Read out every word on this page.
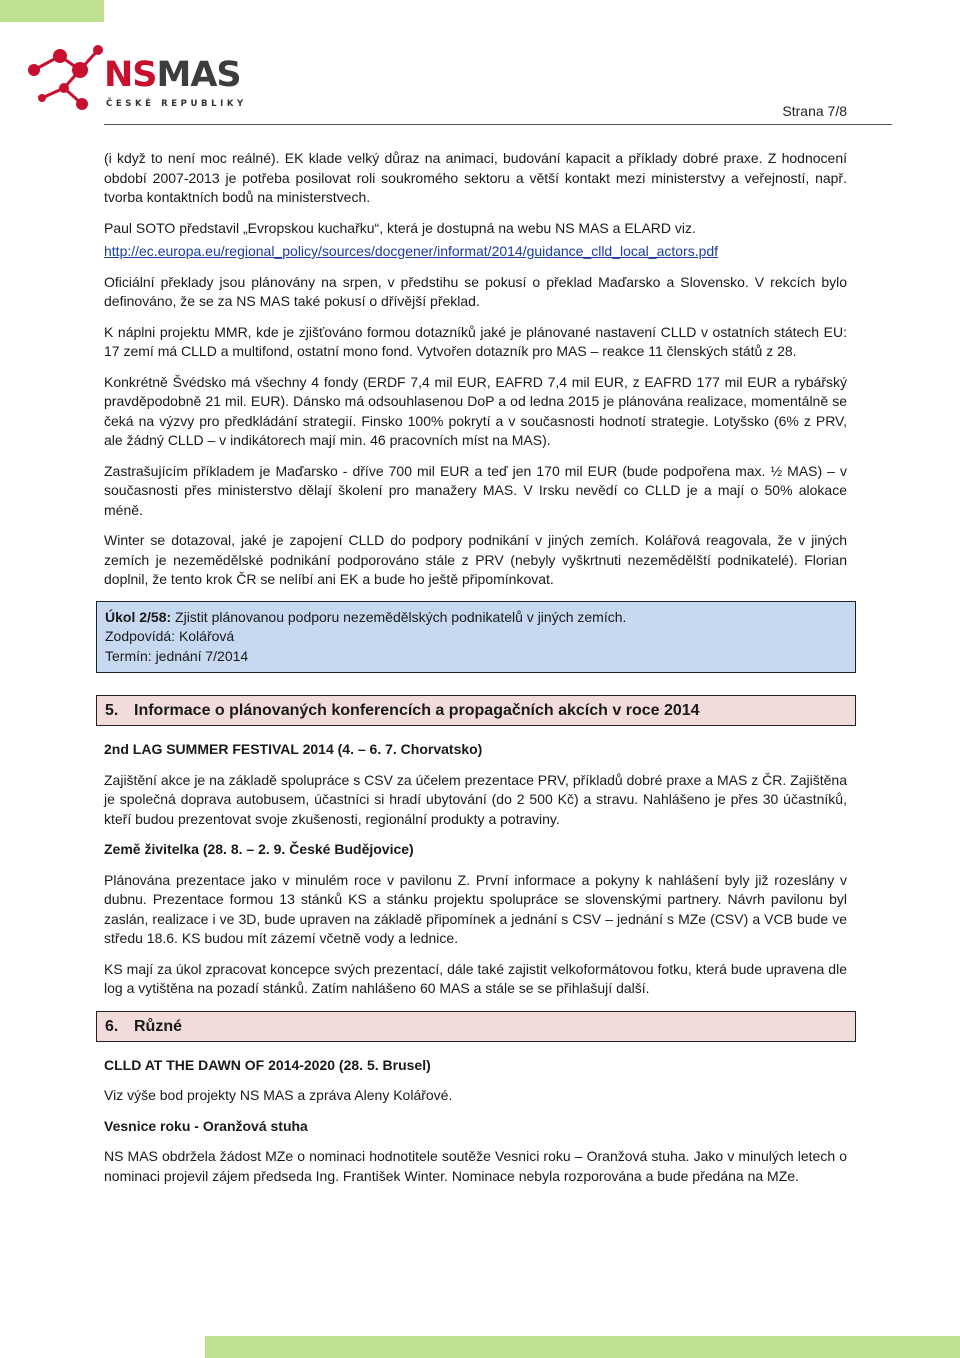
NSMAS
ČESKÉ REPUBLIKY	Strana 7/8

(i když to není moc reálné). EK klade velký důraz na animaci, budování kapacit a příklady dobré praxe. Z hodnocení období 2007-2013 je potřeba posilovat roli soukromého sektoru a větší kontakt mezi ministerstvy a veřejností, např. tvorba kontaktních bodů na ministerstvech.

Paul SOTO představil „Evropskou kuchařku“, která je dostupná na webu NS MAS a ELARD viz.

http://ec.europa.eu/regional_policy/sources/docgener/informat/2014/guidance_clld_local_actors.pdf

Oficiální překlady jsou plánovány na srpen, v předstihu se pokusí o překlad Maďarsko a Slovensko. V rekcích bylo definováno, že se za NS MAS také pokusí o dřívější překlad.

K náplni projektu MMR, kde je zjišťováno formou dotazníků jaké je plánované nastavení CLLD v ostatních státech EU: 17 zemí má CLLD a multifond, ostatní mono fond. Vytvořen dotazník pro MAS – reakce 11 členských států z 28.

Konkrétně Švédsko má všechny 4 fondy (ERDF 7,4 mil EUR, EAFRD 7,4 mil EUR, z EAFRD 177 mil EUR a rybářský pravděpodobně 21 mil. EUR). Dánsko má odsouhlasenou DoP a od ledna 2015 je plánována realizace, momentálně se čeká na výzvy pro předkládání strategií. Finsko 100% pokrytí a v současnosti hodnotí strategie. Lotyšsko (6% z PRV, ale žádný CLLD – v indikátorech mají min. 46 pracovních míst na MAS).

Zastrašujícím příkladem je Maďarsko - dříve 700 mil EUR a teď jen 170 mil EUR (bude podpořena max. ½ MAS) – v současnosti přes ministerstvo dělají školení pro manažery MAS. V Irsku nevědí co CLLD je a mají o 50% alokace méně.

Winter se dotazoval, jaké je zapojení CLLD do podpory podnikání v jiných zemích. Kolářová reagovala, že v jiných zemích je nezemědělské podnikání podporováno stále z PRV (nebyly vyškrtnuti nezemědělští podnikatelé). Florian doplnil, že tento krok ČR se nelíbí ani EK a bude ho ještě připomínkovat.

Úkol 2/58: Zjistit plánovanou podporu nezemědělských podnikatelů v jiných zemích.
Zodpovídá: Kolářová
Termín: jednání 7/2014
5. Informace o plánovaných konferencích a propagačních akcích v roce 2014
2nd LAG SUMMER FESTIVAL 2014 (4. – 6. 7. Chorvatsko)

Zajištění akce je na základě spolupráce s CSV za účelem prezentace PRV, příkladů dobré praxe a MAS z ČR. Zajištěna je společná doprava autobusem, účastníci si hradí ubytování (do 2 500 Kč) a stravu. Nahlášeno je přes 30 účastníků, kteří budou prezentovat svoje zkušenosti, regionální produkty a potraviny.

Země živitelka (28. 8. – 2. 9. České Budějovice)

Plánována prezentace jako v minulém roce v pavilonu Z. První informace a pokyny k nahlášení byly již rozeslány v dubnu. Prezentace formou 13 stánků KS a stánku projektu spolupráce se slovenskými partnery. Návrh pavilonu byl zaslán, realizace i ve 3D, bude upraven na základě připomínek a jednání s CSV – jednání s MZe (CSV) a VCB bude ve středu 18.6. KS budou mít zázemí včetně vody a lednice.

KS mají za úkol zpracovat koncepce svých prezentací, dále také zajistit velkoformátovou fotku, která bude upravena dle log a vytištěna na pozadí stánků. Zatím nahlášeno 60 MAS a stále se se přihlašují další.

6. Různé
CLLD AT THE DAWN OF 2014-2020 (28. 5. Brusel)

Viz výše bod projekty NS MAS a zpráva Aleny Kolářové.

Vesnice roku - Oranžová stuha

NS MAS obdržela žádost MZe o nominaci hodnotitele soutěže Vesnici roku – Oranžová stuha. Jako v minulých letech o nominaci projevil zájem předseda Ing. František Winter. Nominace nebyla rozporována a bude předána na MZe.
